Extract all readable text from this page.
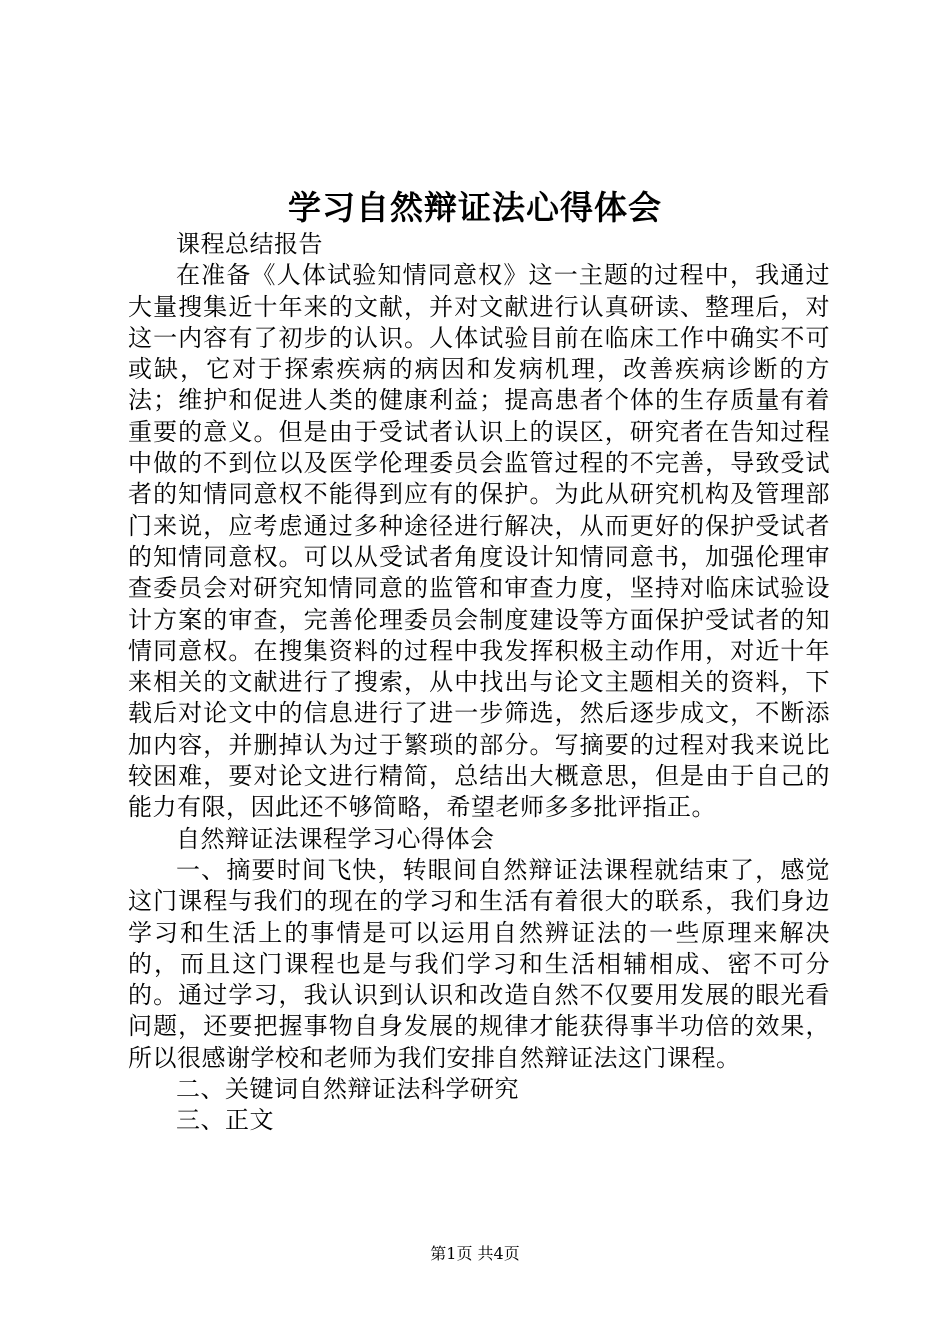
学习自然辩证法心得体会

课程总结报告

在准备《人体试验知情同意权》这一主题的过程中，我通过大量搜集近十年来的文献，并对文献进行认真研读、整理后，对这一内容有了初步的认识。人体试验目前在临床工作中确实不可或缺，它对于探索疾病的病因和发病机理，改善疾病诊断的方法；维护和促进人类的健康利益；提高患者个体的生存质量有着重要的意义。但是由于受试者认识上的误区，研究者在告知过程中做的不到位以及医学伦理委员会监管过程的不完善，导致受试者的知情同意权不能得到应有的保护。为此从研究机构及管理部门来说，应考虑通过多种途径进行解决，从而更好的保护受试者的知情同意权。可以从受试者角度设计知情同意书，加强伦理审查委员会对研究知情同意的监管和审查力度，坚持对临床试验设计方案的审查，完善伦理委员会制度建设等方面保护受试者的知情同意权。在搜集资料的过程中我发挥积极主动作用，对近十年来相关的文献进行了搜索，从中找出与论文主题相关的资料，下载后对论文中的信息进行了进一步筛选，然后逐步成文，不断添加内容，并删掉认为过于繁琐的部分。写摘要的过程对我来说比较困难，要对论文进行精简，总结出大概意思，但是由于自己的能力有限，因此还不够简略，希望老师多多批评指正。

自然辩证法课程学习心得体会

一、摘要时间飞快，转眼间自然辩证法课程就结束了，感觉这门课程与我们的现在的学习和生活有着很大的联系，我们身边学习和生活上的事情是可以运用自然辨证法的一些原理来解决的，而且这门课程也是与我们学习和生活相辅相成、密不可分的。通过学习，我认识到认识和改造自然不仅要用发展的眼光看问题，还要把握事物自身发展的规律才能获得事半功倍的效果，所以很感谢学校和老师为我们安排自然辩证法这门课程。

二、关键词自然辩证法科学研究

三、正文

第1页 共4页
